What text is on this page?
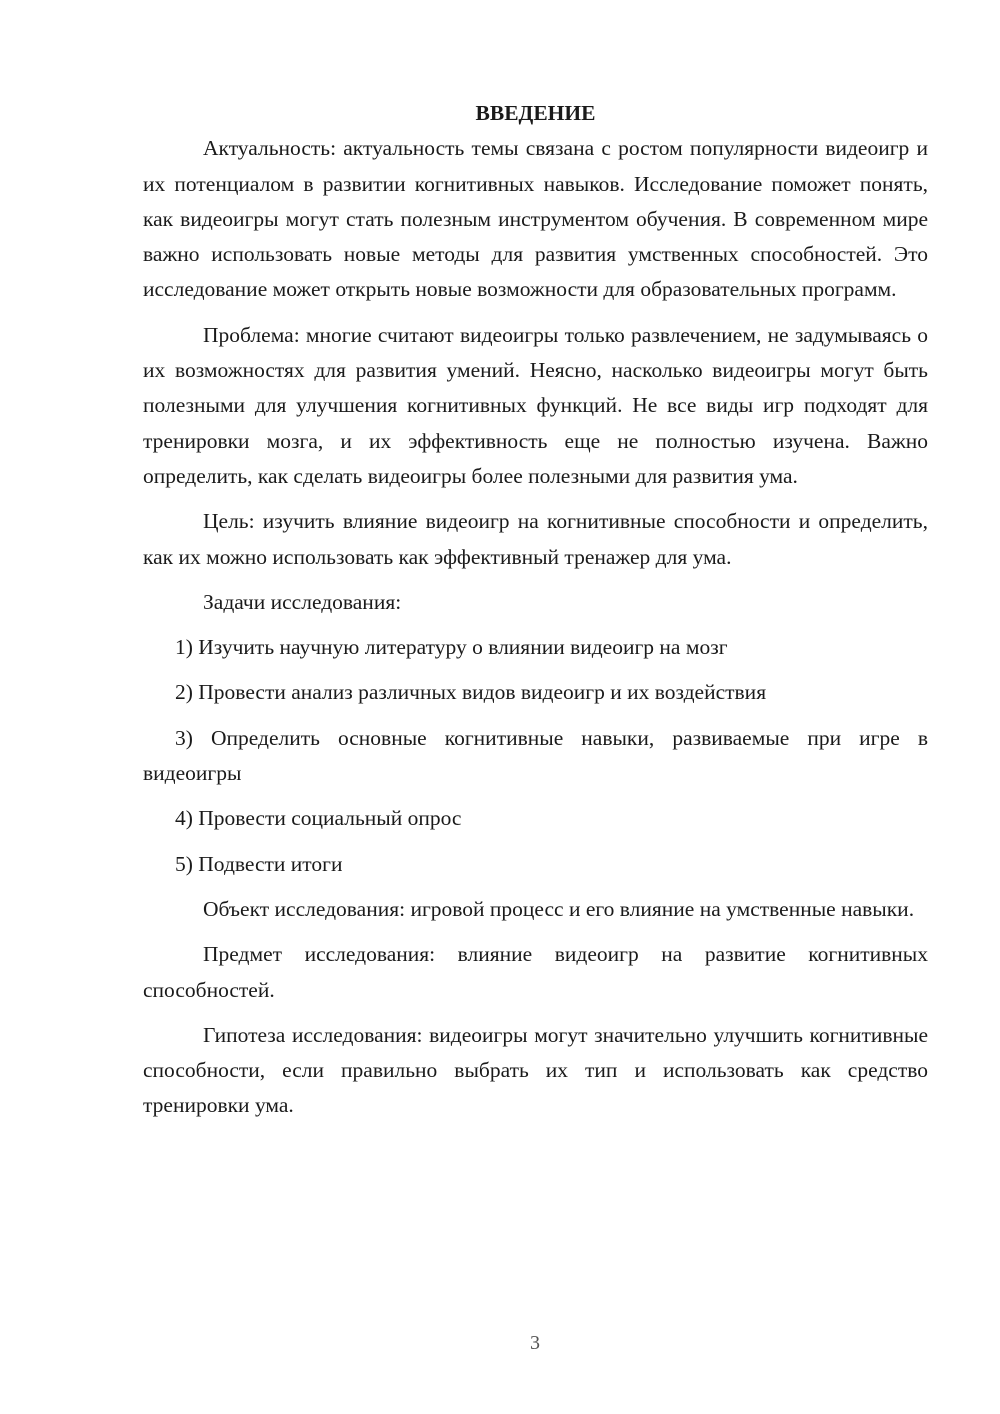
ВВЕДЕНИЕ

Актуальность: актуальность темы связана с ростом популярности видеоигр и их потенциалом в развитии когнитивных навыков. Исследование поможет понять, как видеоигры могут стать полезным инструментом обучения. В современном мире важно использовать новые методы для развития умственных способностей. Это исследование может открыть новые возможности для образовательных программ.

Проблема: многие считают видеоигры только развлечением, не задумываясь о их возможностях для развития умений. Неясно, насколько видеоигры могут быть полезными для улучшения когнитивных функций. Не все виды игр подходят для тренировки мозга, и их эффективность еще не полностью изучена. Важно определить, как сделать видеоигры более полезными для развития ума.

Цель: изучить влияние видеоигр на когнитивные способности и определить, как их можно использовать как эффективный тренажер для ума.

Задачи исследования:

1) Изучить научную литературу о влиянии видеоигр на мозг

2) Провести анализ различных видов видеоигр и их воздействия

3) Определить основные когнитивные навыки, развиваемые при игре в видеоигры

4) Провести социальный опрос

5) Подвести итоги

Объект исследования: игровой процесс и его влияние на умственные навыки.

Предмет исследования: влияние видеоигр на развитие когнитивных способностей.

Гипотеза исследования: видеоигры могут значительно улучшить когнитивные способности, если правильно выбрать их тип и использовать как средство тренировки ума.

3
